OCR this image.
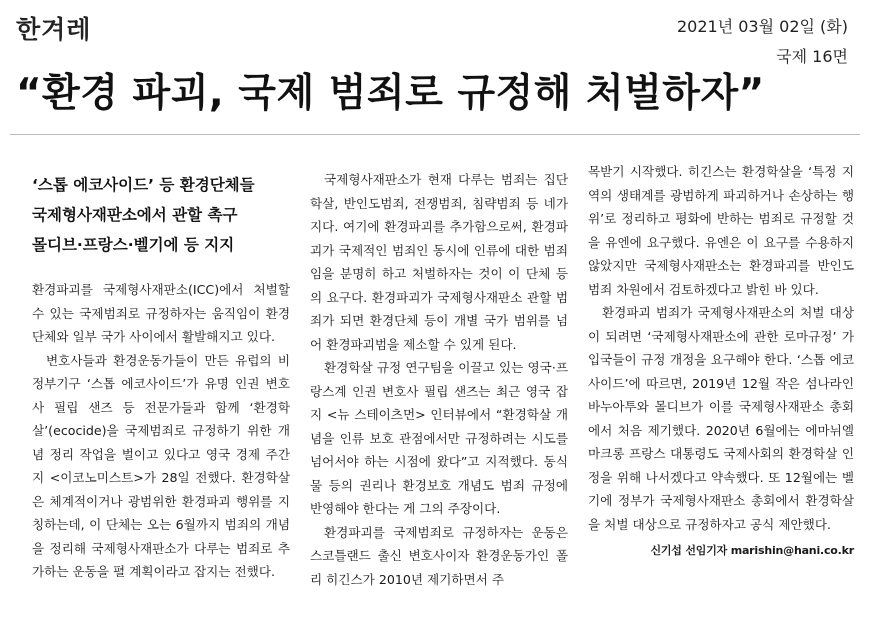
한겨레	2021년 03월 02일 (화)
국제 16면
“환경 파괴, 국제 범죄로 규정해 처벌하자”

‘스톱 에코사이드’ 등 환경단체들
국제형사재판소에서 관할 촉구
몰디브·프랑스·벨기에 등 지지

환경파괴를 국제형사재판소(ICC)에서 처벌할 수 있는 국제범죄로 규정하자는 움직임이 환경단체와 일부 국가 사이에서 활발해지고 있다.

변호사들과 환경운동가들이 만든 유럽의 비정부기구 ‘스톱 에코사이드’가 유명 인권 변호사 필립 샌즈 등 전문가들과 함께 ‘환경학살’(ecocide)을 국제범죄로 규정하기 위한 개념 정리 작업을 벌이고 있다고 영국 경제 주간지 <이코노미스트>가 28일 전했다. 환경학살은 체계적이거나 광범위한 환경파괴 행위를 지칭하는데, 이 단체는 오는 6월까지 범죄의 개념을 정리해 국제형사재판소가 다루는 범죄로 추가하는 운동을 펼 계획이라고 잡지는 전했다.

국제형사재판소가 현재 다루는 범죄는 집단학살, 반인도범죄, 전쟁범죄, 침략범죄 등 네가지다. 여기에 환경파괴를 추가함으로써, 환경파괴가 국제적인 범죄인 동시에 인류에 대한 범죄임을 분명히 하고 처벌하자는 것이 이 단체 등의 요구다. 환경파괴가 국제형사재판소 관할 범죄가 되면 환경단체 등이 개별 국가 범위를 넘어 환경파괴범을 제소할 수 있게 된다.

환경학살 규정 연구팀을 이끌고 있는 영국·프랑스계 인권 변호사 필립 샌즈는 최근 영국 잡지 <뉴 스테이츠먼> 인터뷰에서 “환경학살 개념을 인류 보호 관점에서만 규정하려는 시도를 넘어서야 하는 시점에 왔다”고 지적했다. 동식물 등의 권리나 환경보호 개념도 범죄 규정에 반영해야 한다는 게 그의 주장이다.

환경파괴를 국제범죄로 규정하자는 운동은 스코틀랜드 출신 변호사이자 환경운동가인 폴리 히긴스가 2010년 제기하면서 주

목받기 시작했다. 히긴스는 환경학살을 ‘특정 지역의 생태계를 광범하게 파괴하거나 손상하는 행위’로 정리하고 평화에 반하는 범죄로 규정할 것을 유엔에 요구했다. 유엔은 이 요구를 수용하지 않았지만 국제형사재판소는 환경파괴를 반인도범죄 차원에서 검토하겠다고 밝힌 바 있다.

환경파괴 범죄가 국제형사재판소의 처벌 대상이 되려면 ‘국제형사재판소에 관한 로마규정’ 가입국들이 규정 개정을 요구해야 한다. ‘스톱 에코사이드’에 따르면, 2019년 12월 작은 섬나라인 바누아투와 몰디브가 이를 국제형사재판소 총회에서 처음 제기했다. 2020년 6월에는 에마뉘엘 마크롱 프랑스 대통령도 국제사회의 환경학살 인정을 위해 나서겠다고 약속했다. 또 12월에는 벨기에 정부가 국제형사재판소 총회에서 환경학살을 처벌 대상으로 규정하자고 공식 제안했다.

신기섭 선임기자 marishin@hani.co.kr
